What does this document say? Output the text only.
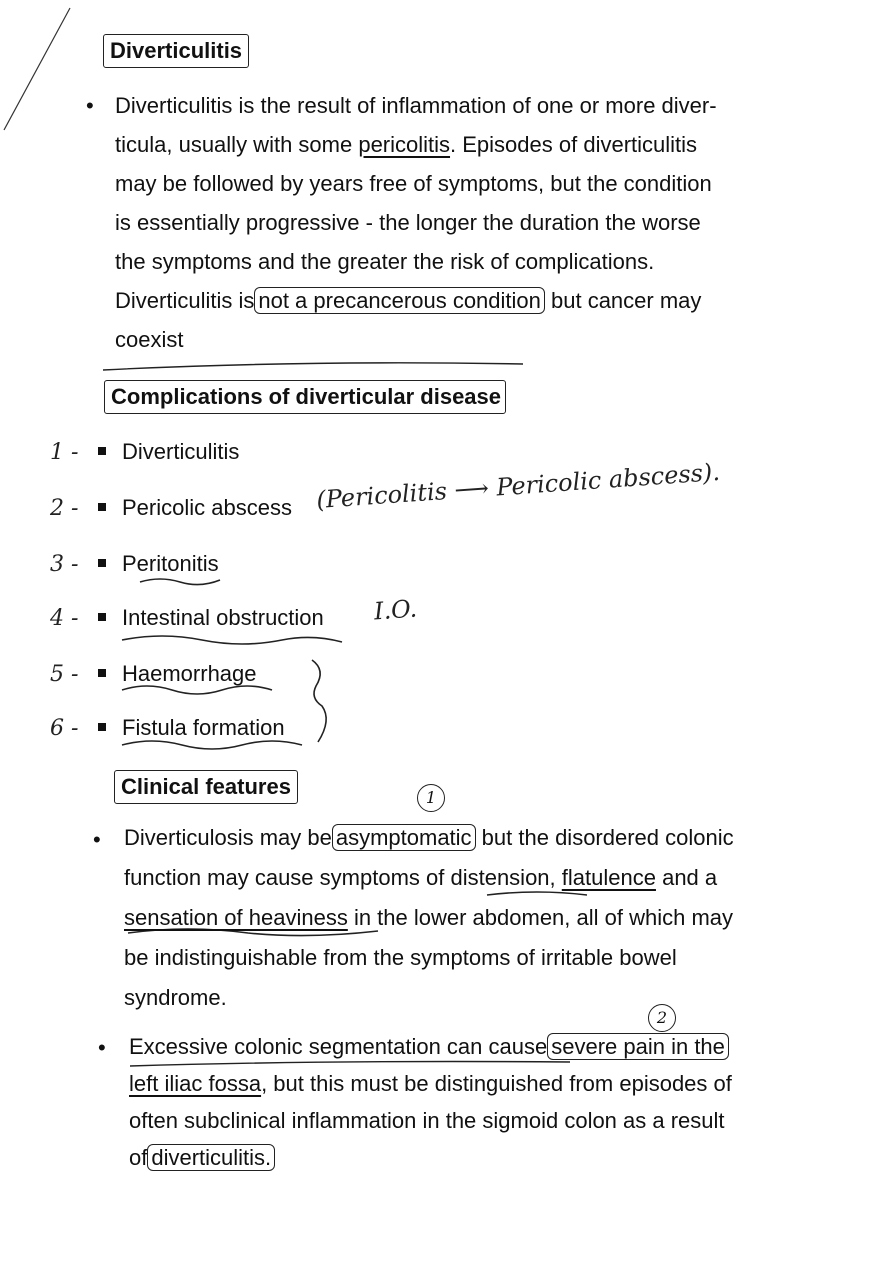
Diverticulitis
• Diverticulitis is the result of inflammation of one or more diver-
ticula, usually with some pericolitis. Episodes of diverticulitis
may be followed by years free of symptoms, but the condition
is essentially progressive - the longer the duration the worse
the symptoms and the greater the risk of complications.
Diverticulitis is not a precancerous condition but cancer may
coexist
Complications of diverticular disease
1 - Diverticulitis
2 - Pericolic abscess
3 - Peritonitis
4 - Intestinal obstruction
5 - Haemorrhage
6 - Fistula formation
(Pericolitis ⟶ Pericolic abscess).
I.O.
Clinical features	1
• Diverticulosis may be asymptomatic but the disordered colonic
function may cause symptoms of distension, flatulence and a
sensation of heaviness in the lower abdomen, all of which may
be indistinguishable from the symptoms of irritable bowel
syndrome.
2
• Excessive colonic segmentation can cause severe pain in the
left iliac fossa, but this must be distinguished from episodes of
often subclinical inflammation in the sigmoid colon as a result
of diverticulitis.
